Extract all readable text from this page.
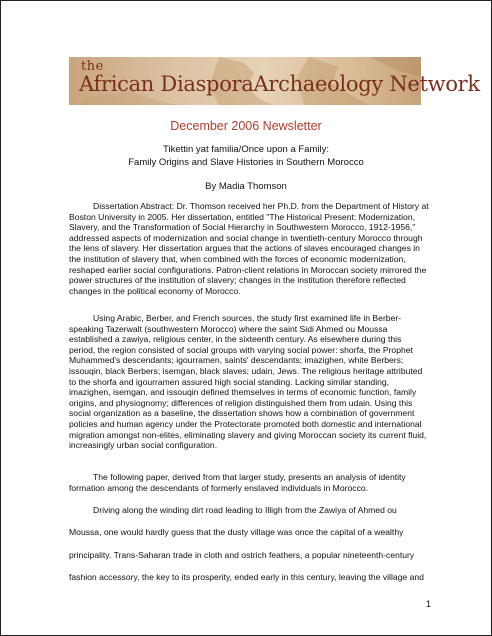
the
African DiasporaArchaeology Network
December 2006 Newsletter
Tikettin yat familia/Once upon a Family:
Family Origins and Slave Histories in Southern Morocco
By Madia Thomson

Dissertation Abstract: Dr. Thomson received her Ph.D. from the Department of History at Boston University in 2005. Her dissertation, entitled "The Historical Present: Modernization, Slavery, and the Transformation of Social Hierarchy in Southwestern Morocco, 1912-1956," addressed aspects of modernization and social change in twentieth-century Morocco through the lens of slavery. Her dissertation argues that the actions of slaves encouraged changes in the institution of slavery that, when combined with the forces of economic modernization, reshaped earlier social configurations. Patron-client relations in Moroccan society mirrored the power structures of the institution of slavery; changes in the institution therefore reflected changes in the political economy of Morocco.

Using Arabic, Berber, and French sources, the study first examined life in Berber-speaking Tazerwalt (southwestern Morocco) where the saint Sidi Ahmed ou Moussa established a zawiya, religious center, in the sixteenth century. As elsewhere during this period, the region consisted of social groups with varying social power: shorfa, the Prophet Muhammed's descendants; igourramen, saints' descendants; imazighen, white Berbers; issouqin, black Berbers; isemgan, black slaves; udain, Jews. The religious heritage attributed to the shorfa and igourramen assured high social standing. Lacking similar standing, imazighen, isemgan, and issouqin defined themselves in terms of economic function, family origins, and physiognomy; differences of religion distinguished them from udain. Using this social organization as a baseline, the dissertation shows how a combination of government policies and human agency under the Protectorate promoted both domestic and international migration amongst non-elites, eliminating slavery and giving Moroccan society its current fluid, increasingly urban social configuration.

The following paper, derived from that larger study, presents an analysis of identity formation among the descendants of formerly enslaved individuals in Morocco.

Driving along the winding dirt road leading to Illigh from the Zawiya of Ahmed ou
Moussa, one would hardly guess that the dusty village was once the capital of a wealthy
principality. Trans-Saharan trade in cloth and ostrich feathers, a popular nineteenth-century
fashion accessory, the key to its prosperity, ended early in this century, leaving the village and
1
